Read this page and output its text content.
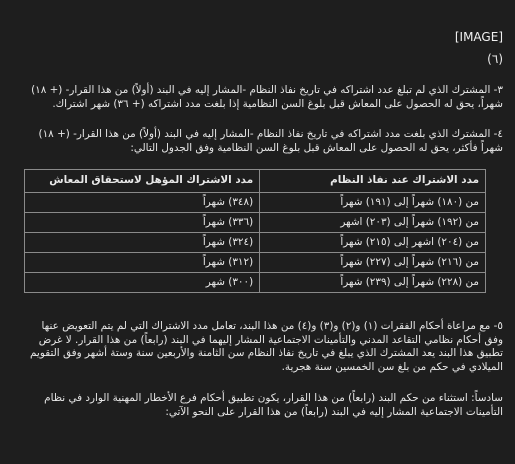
[IMAGE]
(٦)

٣- المشترك الذي لم تبلغ عدد اشتراكه في تاريخ نفاذ النظام -المشار إليه في البند (أولاً) من هذا القرار- (+ ١٨)

شهراً، يحق له الحصول على المعاش قبل بلوغ السن النظامية إذا بلغت مدد اشتراكه (+ ٣٦) شهر اشتراك.

٤- المشترك الذي بلغت مدد اشتراكه في تاريخ نفاذ النظام -المشار إليه في البند (أولاً) من هذا القرار- (+ ١٨)

شهراً فأكثر، يحق له الحصول على المعاش قبل بلوغ السن النظامية وفق الجدول التالي:

مدد الاشتراك عند نفاذ النظام	مدد الاشتراك المؤهل لاستحقاق المعاش
من (١٨٠) شهراً إلى (١٩١) شهراً	(٣٤٨) شهراً
من (١٩٢) شهراً إلى (٢٠٣) اشهر	(٣٣٦) شهراً
من (٢٠٤) اشهر إلى (٢١٥) شهراً	(٣٢٤) شهراً
من (٢١٦) شهراً إلى (٢٢٧) شهراً	(٣١٢) شهراً
من (٢٢٨) شهراً إلى (٢٣٩) شهراً	(٣٠٠) شهر

٥- مع مراعاة أحكام الفقرات (١) و(٢) و(٣) و(٤) من هذا البند، تعامل مدد الاشتراك التي لم يتم التعويض عنها

وفق أحكام نظامي التقاعد المدني والتأمينات الاجتماعية المشار إليهما في البند (رابعاً) من هذا القرار. لا غرض

تطبيق هذا البند يعد المشترك الذي يبلغ في تاريخ نفاذ النظام سن الثامنة والأربعين سنة وستة أشهر وفق التقويم

الميلادي في حكم من بلغ سن الخمسين سنة هجرية.

سادساً: استثناء من حكم البند (رابعاً) من هذا القرار، يكون تطبيق أحكام فرع الأخطار المهنية الوارد في نظام

التأمينات الاجتماعية المشار إليه في البند (رابعاً) من هذا القرار على النحو الآتي:
